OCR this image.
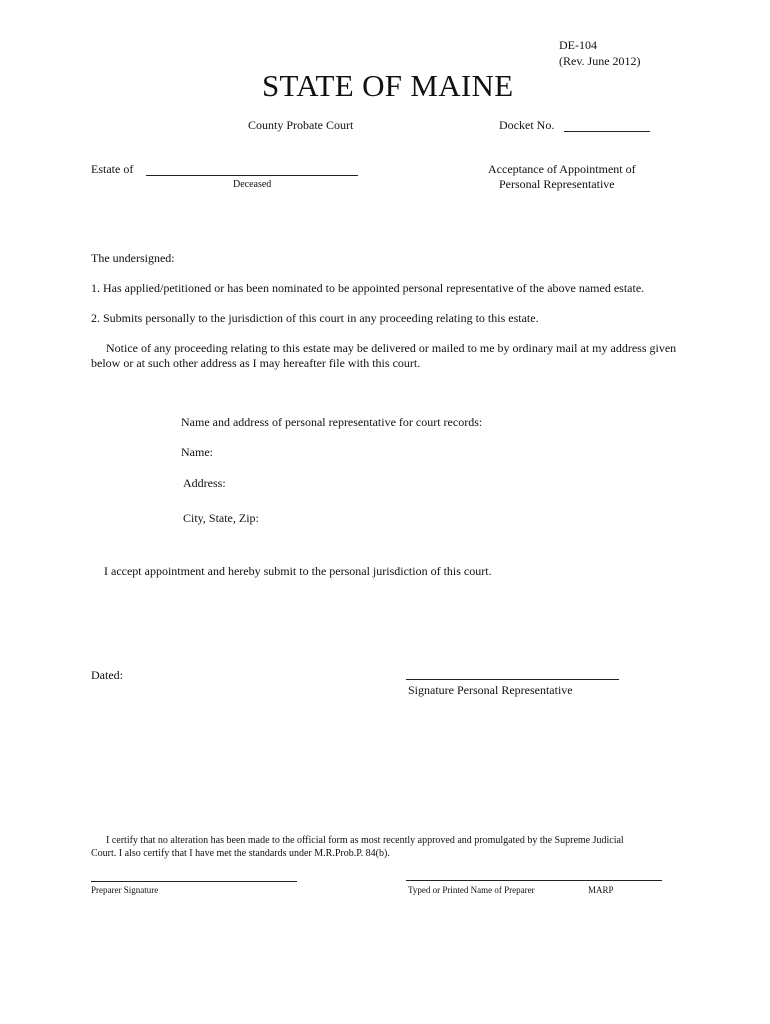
DE-104
(Rev. June 2012)
STATE OF MAINE
County Probate Court	Docket No.
Estate of
Deceased
Acceptance of Appointment of
Personal Representative
The undersigned:
1. Has applied/petitioned or has been nominated to be appointed personal representative of the above named estate.
2. Submits personally to the jurisdiction of this court in any proceeding relating to this estate.
Notice of any proceeding relating to this estate may be delivered or mailed to me by ordinary mail at my address given below or at such other address as I may hereafter file with this court.
Name and address of personal representative for court records:
Name:
Address:
City, State, Zip:
I accept appointment and hereby submit to the personal jurisdiction of this court.
Dated:
Signature Personal Representative
I certify that no alteration has been made to the official form as most recently approved and promulgated by the Supreme Judicial Court. I also certify that I have met the standards under M.R.Prob.P. 84(b).
Preparer Signature	Typed or Printed Name of Preparer	MARP
